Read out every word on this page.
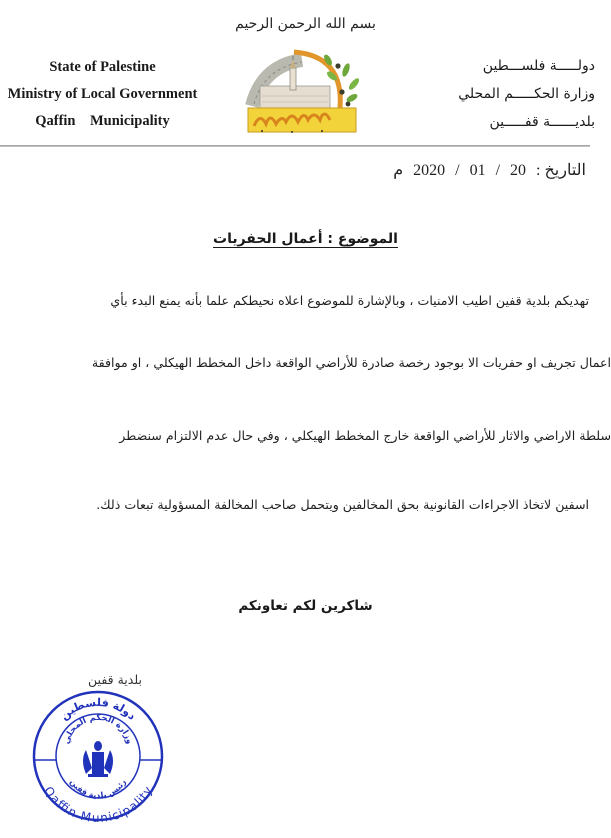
بسم الله الرحمن الرحيم
State of Palestine
Ministry of Local Government
Qaffin    Municipality
دولـــــة فلســـطين
وزارة الحكـــــم المحلي
بلديــــــة قفـــــين
التاريخ : 20 / 01 / 2020 م
الموضوع : أعمال الحفريات
تهديكم بلدية قفين اطيب الامنيات ، وبالإشارة للموضوع اعلاه نحيطكم علما بأنه يمنع البدء بأي
اعمال تجريف او حفريات الا بوجود رخصة صادرة للأراضي الواقعة داخل المخطط الهيكلي ، او موافقة
سلطة الاراضي والاثار للأراضي الواقعة خارج المخطط الهيكلي ، وفي حال عدم الالتزام سنضطر
اسفين لاتخاذ الاجراءات القانونية بحق المخالفين ويتحمل صاحب المخالفة المسؤولية تبعات ذلك.
شاكرين لكم تعاونكم
بلدية قفين
دولة فلسطين
وزارة الحكم المحلي
رئيس بلدية قفين
Qaffin Municipality
